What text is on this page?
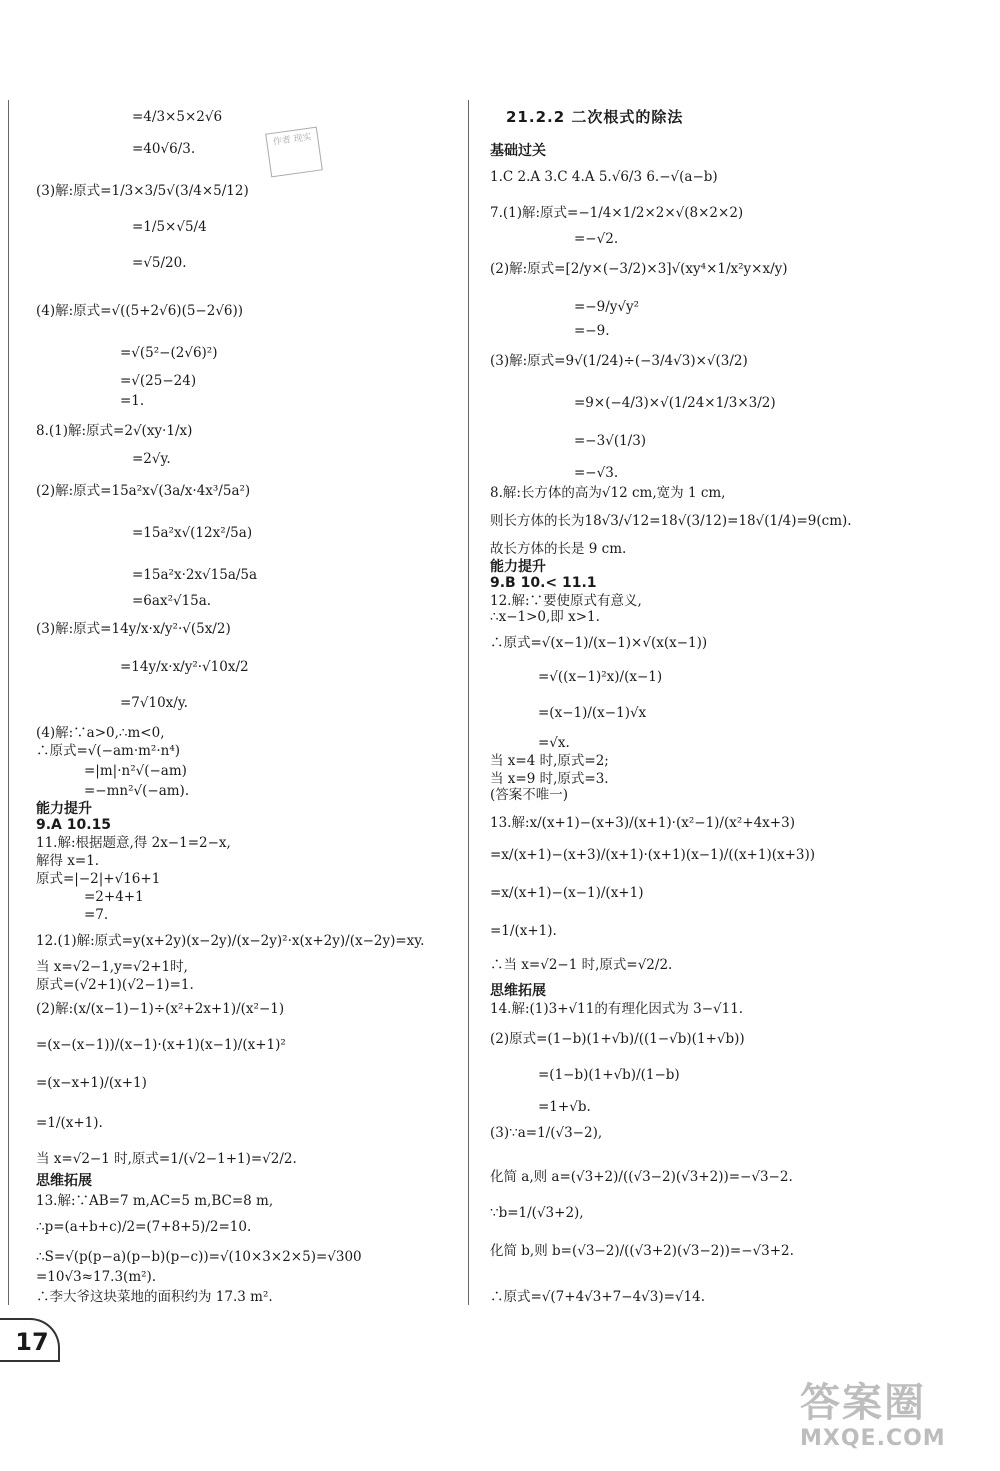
作者 现实
=4/3×5×2√6
=40√6/3.
(3)解:原式=1/3×3/5√(3/4×5/12)
=1/5×√5/4
=√5/20.
(4)解:原式=√((5+2√6)(5−2√6))
=√(5²−(2√6)²)
=√(25−24)
=1.
8.(1)解:原式=2√(xy·1/x)
=2√y.
(2)解:原式=15a²x√(3a/x·4x³/5a²)
=15a²x√(12x²/5a)
=15a²x·2x√15a/5a
=6ax²√15a.
(3)解:原式=14y/x·x/y²·√(5x/2)
=14y/x·x/y²·√10x/2
=7√10x/y.
(4)解:∵a>0,∴m<0,
∴原式=√(−am·m²·n⁴)
=|m|·n²√(−am)
=−mn²√(−am).
能力提升
9.A 10.15
11.解:根据题意,得 2x−1=2−x,
解得 x=1.
原式=|−2|+√16+1
=2+4+1
=7.
12.(1)解:原式=y(x+2y)(x−2y)/(x−2y)²·x(x+2y)/(x−2y)=xy.
当 x=√2−1,y=√2+1时,
原式=(√2+1)(√2−1)=1.
(2)解:(x/(x−1)−1)÷(x²+2x+1)/(x²−1)
=(x−(x−1))/(x−1)·(x+1)(x−1)/(x+1)²
=(x−x+1)/(x+1)
=1/(x+1).
当 x=√2−1 时,原式=1/(√2−1+1)=√2/2.
思维拓展
13.解:∵AB=7 m,AC=5 m,BC=8 m,
∴p=(a+b+c)/2=(7+8+5)/2=10.
∴S=√(p(p−a)(p−b)(p−c))=√(10×3×2×5)=√300
=10√3≈17.3(m²).
∴李大爷这块菜地的面积约为 17.3 m².
21.2.2 二次根式的除法
基础过关
1.C 2.A 3.C 4.A 5.√6/3 6.−√(a−b)
7.(1)解:原式=−1/4×1/2×2×√(8×2×2)
=−√2.
(2)解:原式=[2/y×(−3/2)×3]√(xy⁴×1/x²y×x/y)
=−9/y√y²
=−9.
(3)解:原式=9√(1/24)÷(−3/4√3)×√(3/2)
=9×(−4/3)×√(1/24×1/3×3/2)
=−3√(1/3)
=−√3.
8.解:长方体的高为√12 cm,宽为 1 cm,
则长方体的长为18√3/√12=18√(3/12)=18√(1/4)=9(cm).
故长方体的长是 9 cm.
能力提升
9.B 10.< 11.1
12.解:∵要使原式有意义,
∴x−1>0,即 x>1.
∴原式=√(x−1)/(x−1)×√(x(x−1))
=√((x−1)²x)/(x−1)
=(x−1)/(x−1)√x
=√x.
当 x=4 时,原式=2;
当 x=9 时,原式=3.
(答案不唯一)
13.解:x/(x+1)−(x+3)/(x+1)·(x²−1)/(x²+4x+3)
=x/(x+1)−(x+3)/(x+1)·(x+1)(x−1)/((x+1)(x+3))
=x/(x+1)−(x−1)/(x+1)
=1/(x+1).
∴当 x=√2−1 时,原式=√2/2.
思维拓展
14.解:(1)3+√11的有理化因式为 3−√11.
(2)原式=(1−b)(1+√b)/((1−√b)(1+√b))
=(1−b)(1+√b)/(1−b)
=1+√b.
(3)∵a=1/(√3−2),
化简 a,则 a=(√3+2)/((√3−2)(√3+2))=−√3−2.
∵b=1/(√3+2),
化简 b,则 b=(√3−2)/((√3+2)(√3−2))=−√3+2.
∴原式=√(7+4√3+7−4√3)=√14.
17
答案圈
MXQE.COM
